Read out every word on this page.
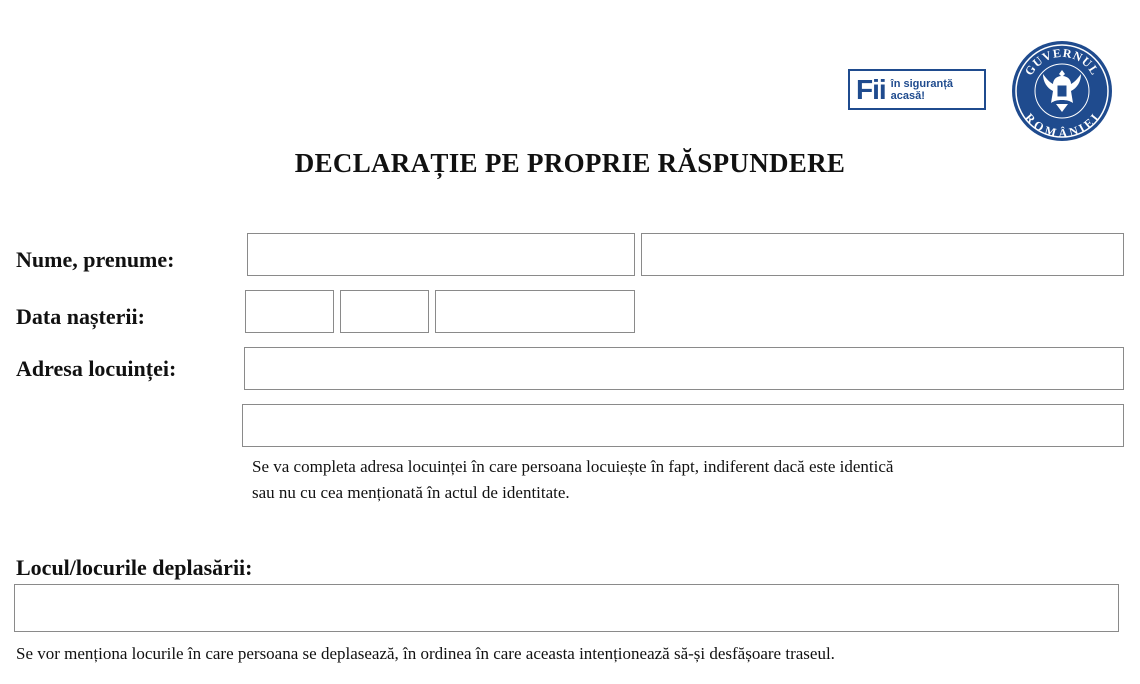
Fii în siguranță
acasă!
GUVERNUL
ROMÂNIEI
DECLARAȚIE PE PROPRIE RĂSPUNDERE
Nume, prenume:
Data nașterii:
Adresa locuinței:
Se va completa adresa locuinței în care persoana locuiește în fapt, indiferent dacă este identică
sau nu cu cea menționată în actul de identitate.
Locul/locurile deplasării:
Se vor menționa locurile în care persoana se deplasează, în ordinea în care aceasta intenționează să-și desfășoare traseul.
